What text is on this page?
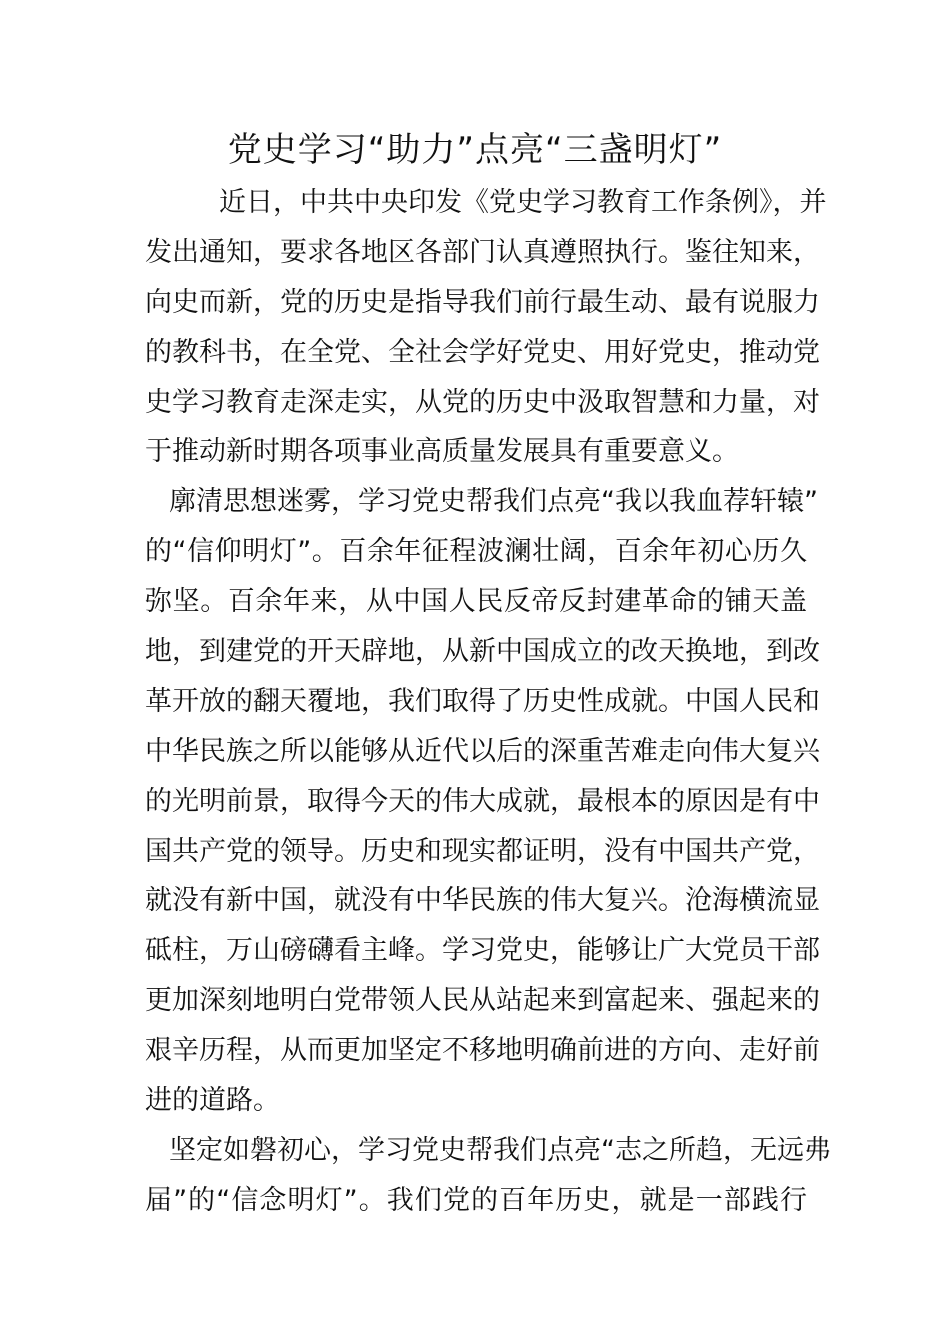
党史学习“助力”点亮“三盏明灯”
近日，中共中央印发《党史学习教育工作条例》，并
发出通知，要求各地区各部门认真遵照执行。鉴往知来，
向史而新，党的历史是指导我们前行最生动、最有说服力
的教科书，在全党、全社会学好党史、用好党史，推动党
史学习教育走深走实，从党的历史中汲取智慧和力量，对
于推动新时期各项事业高质量发展具有重要意义。
廓清思想迷雾，学习党史帮我们点亮“我以我血荐轩辕”
的“信仰明灯”。百余年征程波澜壮阔，百余年初心历久
弥坚。百余年来，从中国人民反帝反封建革命的铺天盖
地，到建党的开天辟地，从新中国成立的改天换地，到改
革开放的翻天覆地，我们取得了历史性成就。中国人民和
中华民族之所以能够从近代以后的深重苦难走向伟大复兴
的光明前景，取得今天的伟大成就，最根本的原因是有中
国共产党的领导。历史和现实都证明，没有中国共产党，
就没有新中国，就没有中华民族的伟大复兴。沧海横流显
砥柱，万山磅礴看主峰。学习党史，能够让广大党员干部
更加深刻地明白党带领人民从站起来到富起来、强起来的
艰辛历程，从而更加坚定不移地明确前进的方向、走好前
进的道路。
坚定如磐初心，学习党史帮我们点亮“志之所趋，无远弗
届”的“信念明灯”。我们党的百年历史，就是一部践行
